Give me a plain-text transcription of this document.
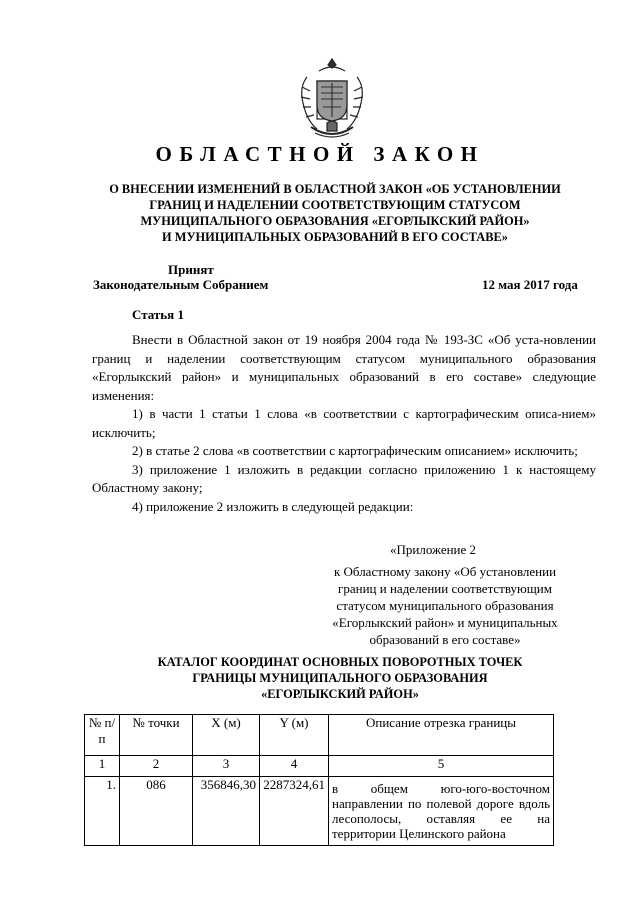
ОБЛАСТНОЙ ЗАКОН
О ВНЕСЕНИИ ИЗМЕНЕНИЙ В ОБЛАСТНОЙ ЗАКОН «ОБ УСТАНОВЛЕНИИ
ГРАНИЦ И НАДЕЛЕНИИ СООТВЕТСТВУЮЩИМ СТАТУСОМ
МУНИЦИПАЛЬНОГО ОБРАЗОВАНИЯ «ЕГОРЛЫКСКИЙ РАЙОН»
И МУНИЦИПАЛЬНЫХ ОБРАЗОВАНИЙ В ЕГО СОСТАВЕ»
Принят
Законодательным Собранием	12 мая 2017 года
Статья 1

Внести в Областной закон от 19 ноября 2004 года № 193-ЗС «Об уста-новлении границ и наделении соответствующим статусом муниципального образования «Егорлыкский район» и муниципальных образований в его составе» следующие изменения:

1) в части 1 статьи 1 слова «в соответствии с картографическим описа-нием» исключить;

2) в статье 2 слова «в соответствии с картографическим описанием» исключить;

3) приложение 1 изложить в редакции согласно приложению 1 к настоящему Областному закону;

4) приложение 2 изложить в следующей редакции:

«Приложение 2
к Областному закону «Об установлении
границ и наделении соответствующим
статусом муниципального образования
«Егорлыкский район» и муниципальных
образований в его составе»
КАТАЛОГ КООРДИНАТ ОСНОВНЫХ ПОВОРОТНЫХ ТОЧЕК
ГРАНИЦЫ МУНИЦИПАЛЬНОГО ОБРАЗОВАНИЯ
«ЕГОРЛЫКСКИЙ РАЙОН»
№ п/п	№ точки	X (м)	Y (м)	Описание отрезка границы
1	2	3	4	5
1.	086	356846,30	2287324,61	в общем юго-юго-восточном направлении по полевой дороге вдоль лесополосы, оставляя ее на территории Целинского района
